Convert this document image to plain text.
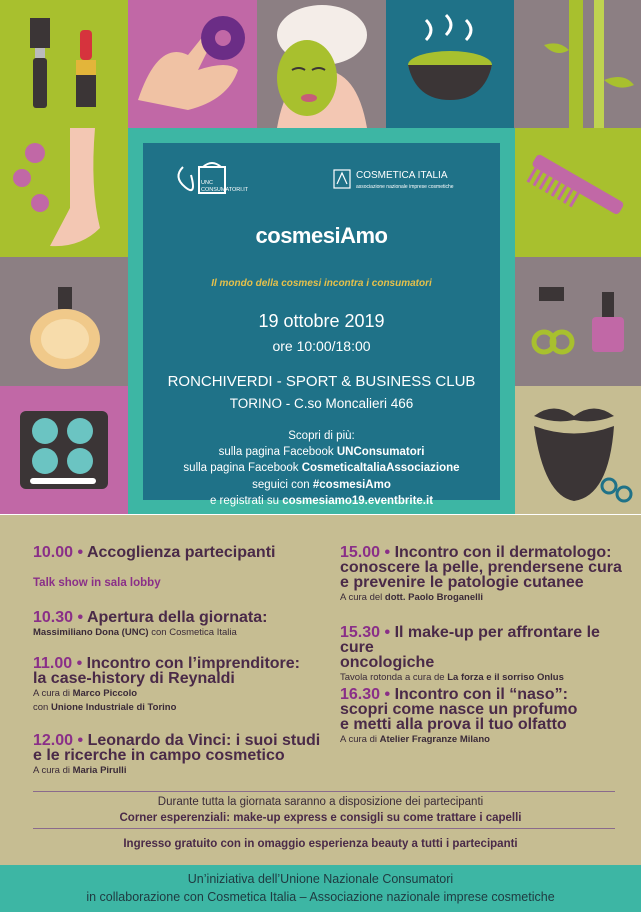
UNC
CONSUMATORI.IT
COSMETICA ITALIA
associazione nazionale imprese cosmetiche
cosmesiAmo
Il mondo della cosmesi incontra i consumatori
19 ottobre 2019
ore 10:00/18:00
RONCHIVERDI - SPORT & BUSINESS CLUB
TORINO - C.so Moncalieri 466
Scopri di più:
sulla pagina Facebook UNConsumatori
sulla pagina Facebook CosmeticaItaliaAssociazione
seguici con #cosmesiAmo
e registrati su cosmesiamo19.eventbrite.it
10.00 • Accoglienza partecipanti
Talk show in sala lobby
10.30 • Apertura della giornata:
Massimiliano Dona (UNC) con Cosmetica Italia
11.00 • Incontro con l’imprenditore:
la case-history di Reynaldi
A cura di Marco Piccolo
con Unione Industriale di Torino
12.00 • Leonardo da Vinci: i suoi studi
e le ricerche in campo cosmetico
A cura di Maria Pirulli
15.00 • Incontro con il dermatologo:
conoscere la pelle, prendersene cura
e prevenire le patologie cutanee
A cura del dott. Paolo Broganelli
15.30 • Il make-up per affrontare le cure
oncologiche
Tavola rotonda a cura de La forza e il sorriso Onlus
16.30 • Incontro con il “naso”:
scopri come nasce un profumo
e metti alla prova il tuo olfatto
A cura di Atelier Fragranze Milano
Durante tutta la giornata saranno a disposizione dei partecipanti
Corner esperenziali: make-up express e consigli su come trattare i capelli
Ingresso gratuito con in omaggio esperienza beauty a tutti i partecipanti
Un’iniziativa dell’Unione Nazionale Consumatori
in collaborazione con Cosmetica Italia – Associazione nazionale imprese cosmetiche
